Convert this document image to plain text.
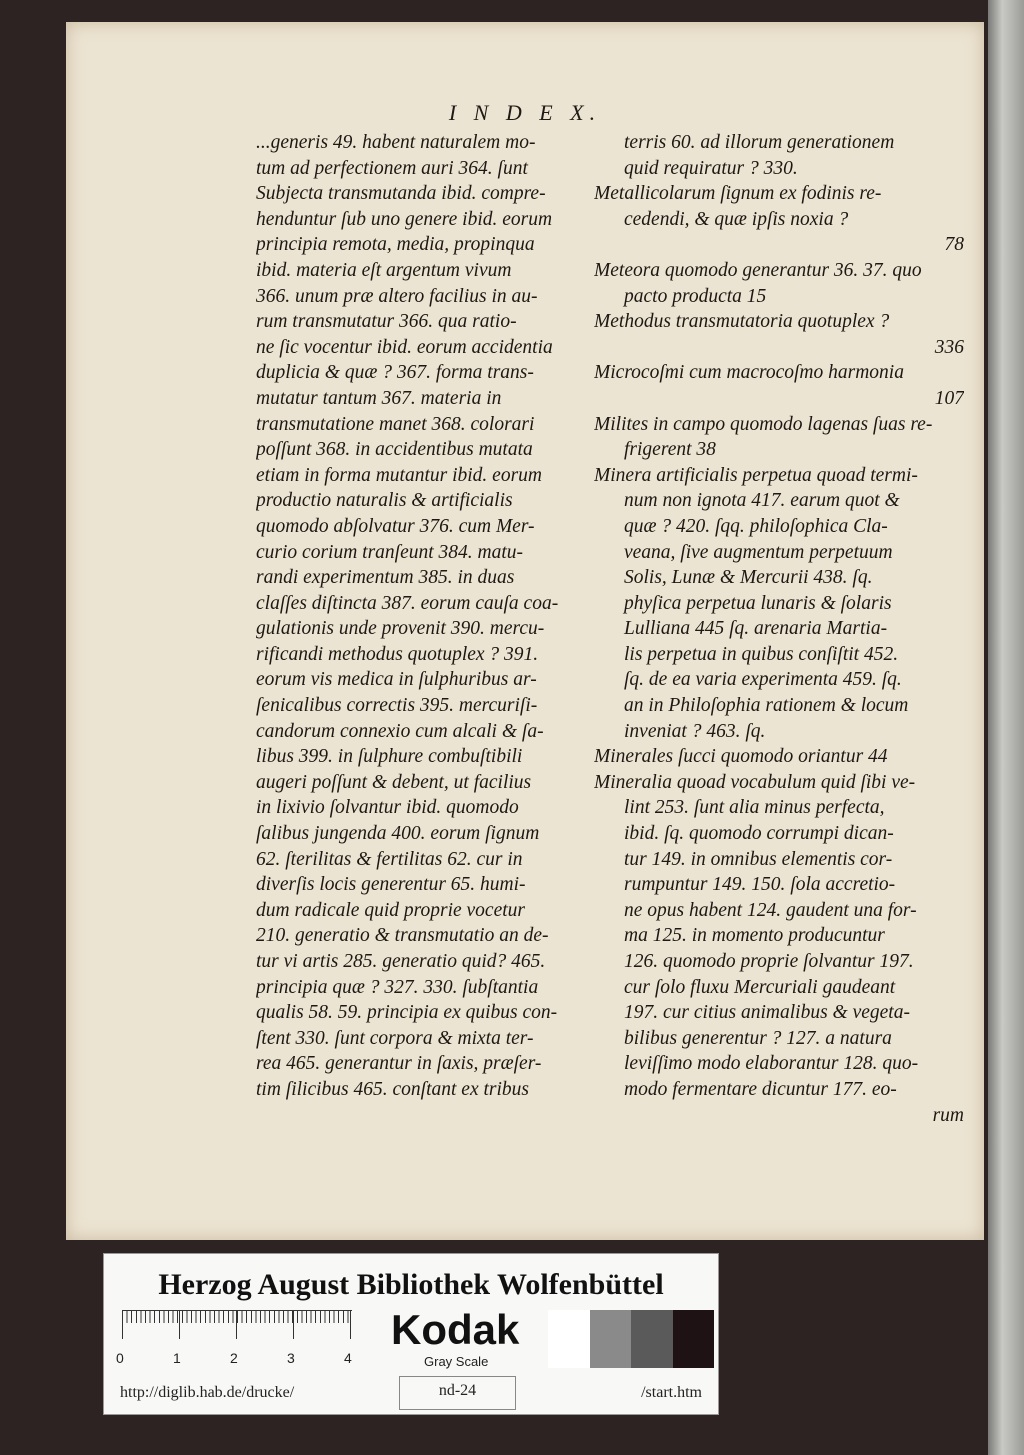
I N D E X.
...generis 49. habent naturalem mo-
tum ad perfectionem auri 364. ſunt
Subjecta transmutanda ibid. compre-
henduntur ſub uno genere ibid. eorum
principia remota, media, propinqua
ibid. materia eſt argentum vivum
366. unum præ altero facilius in au-
rum transmutatur 366. qua ratio-
ne ſic vocentur ibid. eorum accidentia
duplicia & quæ ? 367. forma trans-
mutatur tantum 367. materia in
transmutatione manet 368. colorari
poſſunt 368. in accidentibus mutata
etiam in forma mutantur ibid. eorum
productio naturalis & artificialis
quomodo abſolvatur 376. cum Mer-
curio corium tranſeunt 384. matu-
randi experimentum 385. in duas
claſſes diſtincta 387. eorum cauſa coa-
gulationis unde provenit 390. mercu-
rificandi methodus quotuplex ? 391.
eorum vis medica in ſulphuribus ar-
ſenicalibus correctis 395. mercuriſi-
candorum connexio cum alcali & ſa-
libus 399. in ſulphure combuſtibili
augeri poſſunt & debent, ut facilius
in lixivio ſolvantur ibid. quomodo
ſalibus jungenda 400. eorum ſignum
62. ſterilitas & fertilitas 62. cur in
diverſis locis generentur 65. humi-
dum radicale quid proprie vocetur
210. generatio & transmutatio an de-
tur vi artis 285. generatio quid? 465.
principia quæ ? 327. 330. ſubſtantia
qualis 58. 59. principia ex quibus con-
ſtent 330. ſunt corpora & mixta ter-
rea 465. generantur in ſaxis, præſer-
tim ſilicibus 465. conſtant ex tribus
terris 60. ad illorum generationem
quid requiratur ? 330.
Metallicolarum ſignum ex fodinis re-
cedendi, & quæ ipſis noxia ?
78
Meteora quomodo generantur 36. 37. quo
pacto producta 15
Methodus transmutatoria quotuplex ?
336
Microcoſmi cum macrocoſmo harmonia
107
Milites in campo quomodo lagenas ſuas re-
frigerent 38
Minera artificialis perpetua quoad termi-
num non ignota 417. earum quot &
quæ ? 420. ſqq. philoſophica Cla-
veana, ſive augmentum perpetuum
Solis, Lunæ & Mercurii 438. ſq.
phyſica perpetua lunaris & ſolaris
Lulliana 445 ſq. arenaria Martia-
lis perpetua in quibus conſiſtit 452.
ſq. de ea varia experimenta 459. ſq.
an in Philoſophia rationem & locum
inveniat ? 463. ſq.
Minerales ſucci quomodo oriantur 44
Mineralia quoad vocabulum quid ſibi ve-
lint 253. ſunt alia minus perfecta,
ibid. ſq. quomodo corrumpi dican-
tur 149. in omnibus elementis cor-
rumpuntur 149. 150. ſola accretio-
ne opus habent 124. gaudent una for-
ma 125. in momento producuntur
126. quomodo proprie ſolvantur 197.
cur ſolo fluxu Mercuriali gaudeant
197. cur citius animalibus & vegeta-
bilibus generentur ? 127. a natura
leviſſimo modo elaborantur 128. quo-
modo fermentare dicuntur 177. eo-
rum
Herzog August Bibliothek Wolfenbüttel
0	1	2	3	4
Kodak
Gray Scale
http://diglib.hab.de/drucke/	nd-24	/start.htm
